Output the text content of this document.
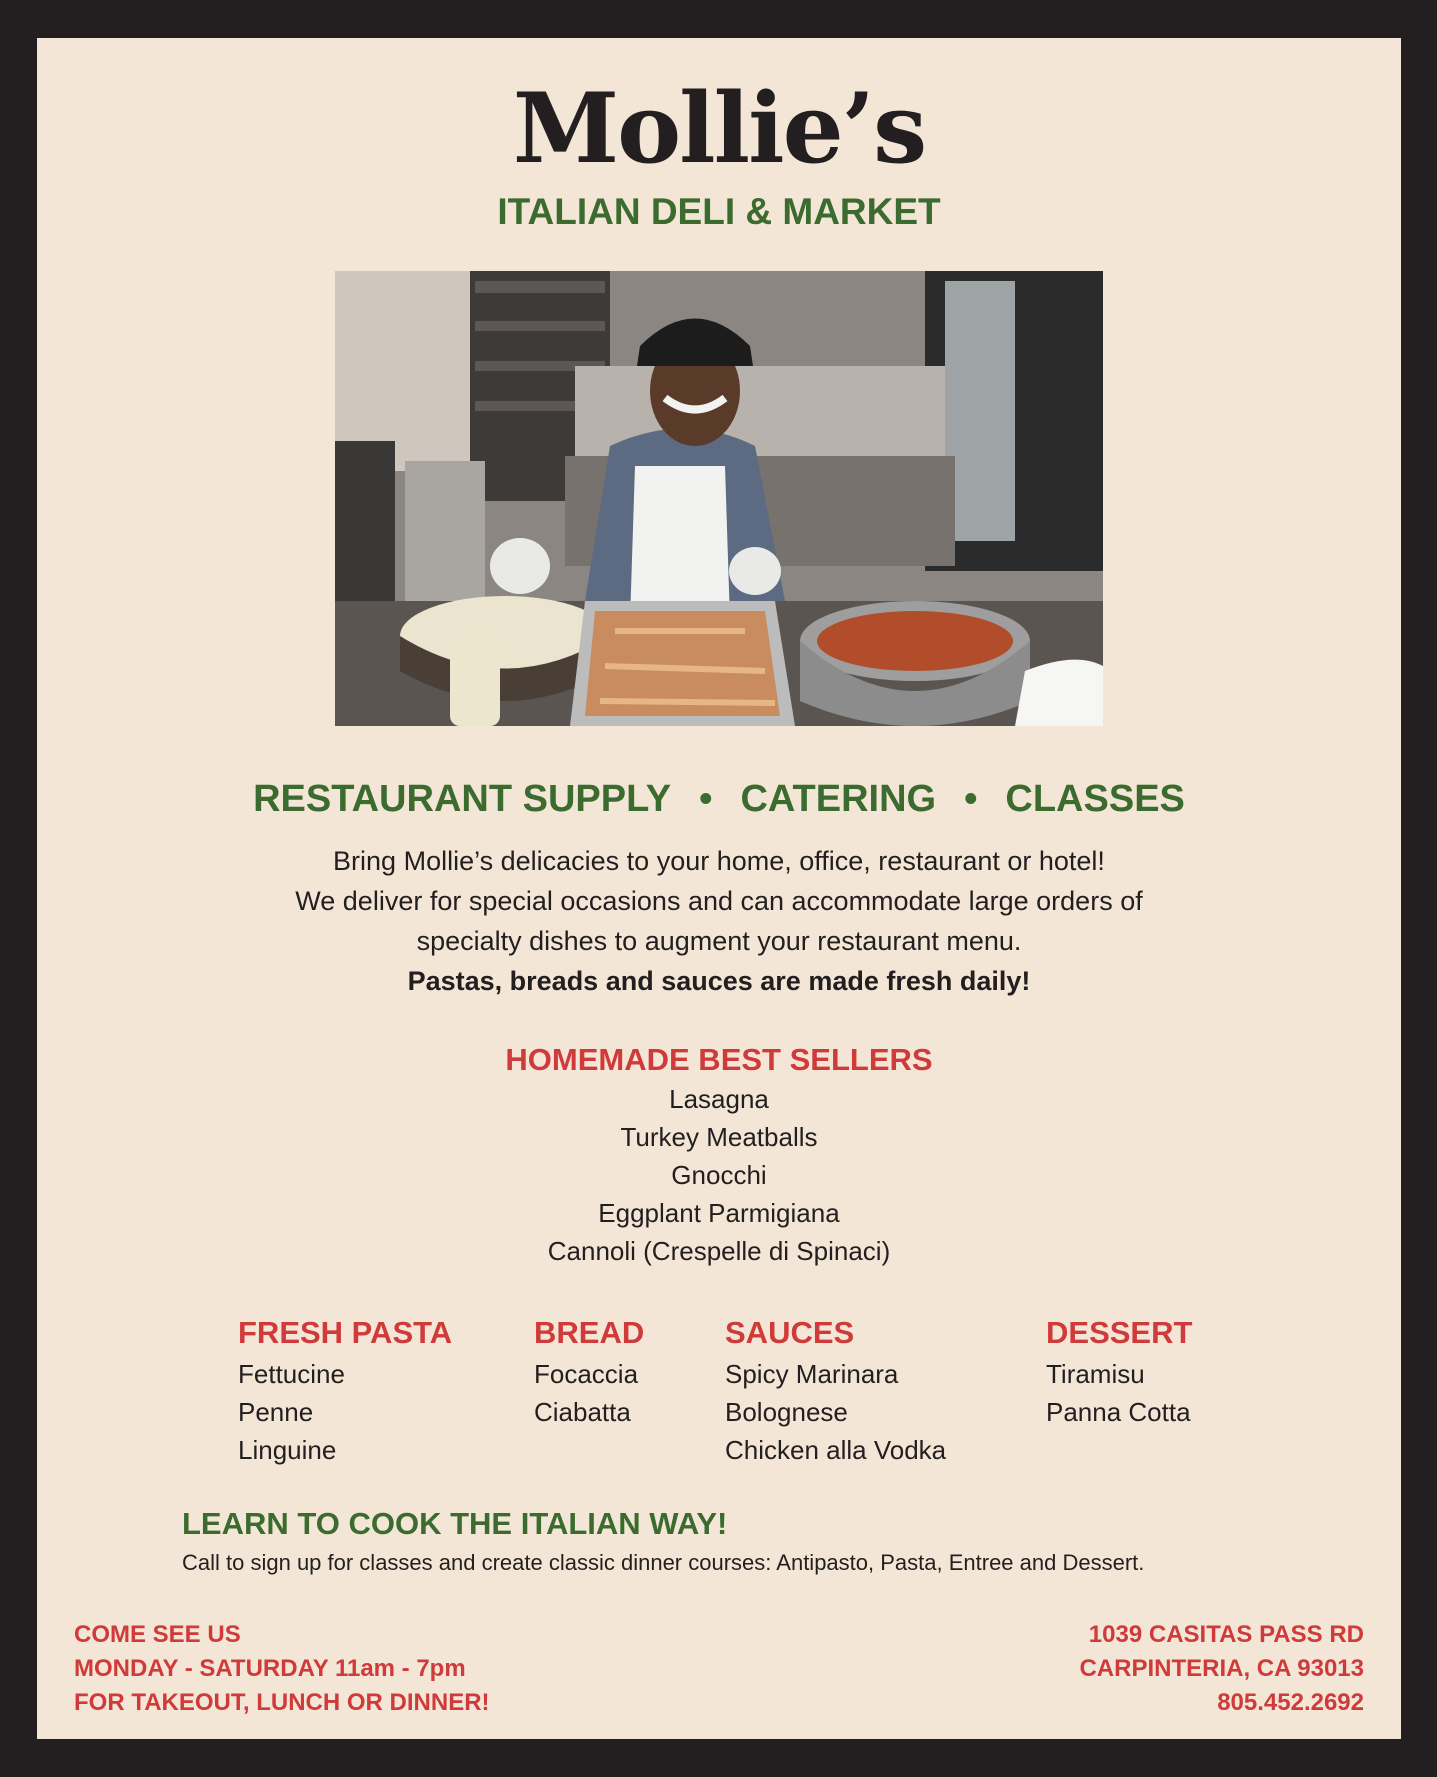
Mollie’s
ITALIAN DELI & MARKET
RESTAURANT SUPPLY • CATERING • CLASSES
Bring Mollie’s delicacies to your home, office, restaurant or hotel!
We deliver for special occasions and can accommodate large orders of
specialty dishes to augment your restaurant menu.
Pastas, breads and sauces are made fresh daily!
HOMEMADE BEST SELLERS
Lasagna
Turkey Meatballs
Gnocchi
Eggplant Parmigiana
Cannoli (Crespelle di Spinaci)
FRESH PASTA
Fettucine
Penne
Linguine
BREAD
Focaccia
Ciabatta
SAUCES
Spicy Marinara
Bolognese
Chicken alla Vodka
DESSERT
Tiramisu
Panna Cotta
LEARN TO COOK THE ITALIAN WAY!
Call to sign up for classes and create classic dinner courses: Antipasto, Pasta, Entree and Dessert.
COME SEE US
MONDAY - SATURDAY 11am - 7pm
FOR TAKEOUT, LUNCH OR DINNER!
1039 CASITAS PASS RD
CARPINTERIA, CA 93013
805.452.2692
